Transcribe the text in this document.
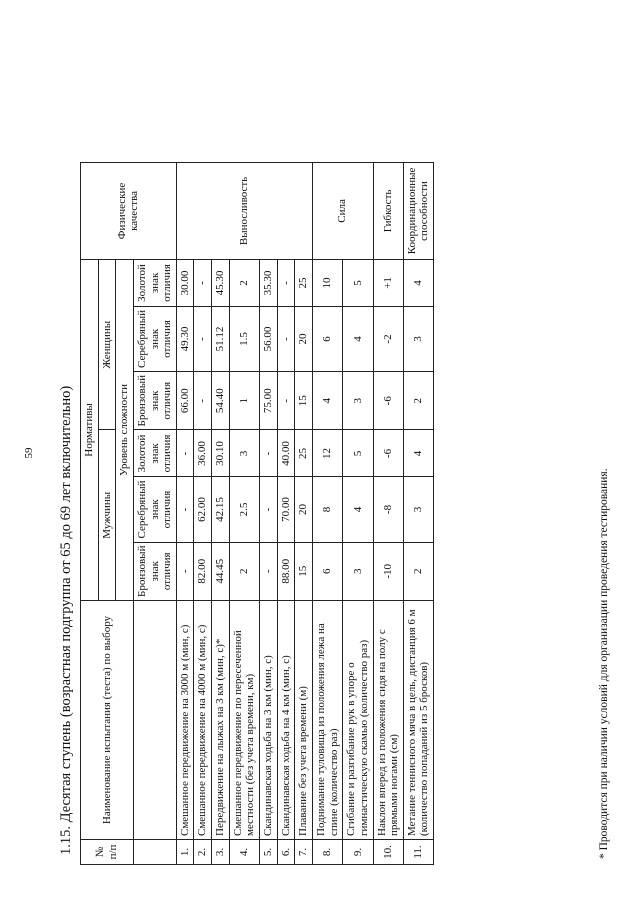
59 1.15. Десятая ступень (возрастная подгруппа от 65 до 69 лет включительно) № п/п	Наименование испытания (теста) по выбору	Нормативы						Физические качества
		Мужчины			Женщины			
		Уровень сложности						
		Бронзовый знак отличия	Серебряный знак отличия	Золотой знак отличия	Бронзовый знак отличия	Серебряный знак отличия	Золотой знак отличия	
1.	Смешанное передвижение на 3000 м (мин, с)	-	-	-	66.00	49.30	30.00	Выносливость
2.	Смешанное передвижение на 4000 м (мин, с)	82.00	62.00	36.00	-	-	-	
3.	Передвижение на лыжах на 3 км (мин, с)*	44.45	42.15	30.10	54.40	51.12	45.30	
4.	Смешанное передвижение по пересеченной местности (без учета времени, км)	2	2.5	3	1	1.5	2	
5.	Скандинавская ходьба на 3 км (мин, с)	-	-	-	75.00	56.00	35.30	
6.	Скандинавская ходьба на 4 км (мин, с)	88.00	70.00	40.00	-	-	-	
7.	Плавание без учета времени (м)	15	20	25	15	20	25	
8.	Поднимание туловища из положения лежа на спине (количество раз)	6	8	12	4	6	10	Сила
9.	Сгибание и разгибание рук в упоре о гимнастическую скамью (количество раз)	3	4	5	3	4	5	
10.	Наклон вперед из положения сидя на полу с прямыми ногами (см)	-10	-8	-6	-6	-2	+1	Гибкость
11.	Метание теннисного мяча в цель, дистанция 6 м (количество попаданий из 5 бросков)	2	3	4	2	3	4	Координационные способности
* Проводится при наличии условий для организации проведения тестирования.
